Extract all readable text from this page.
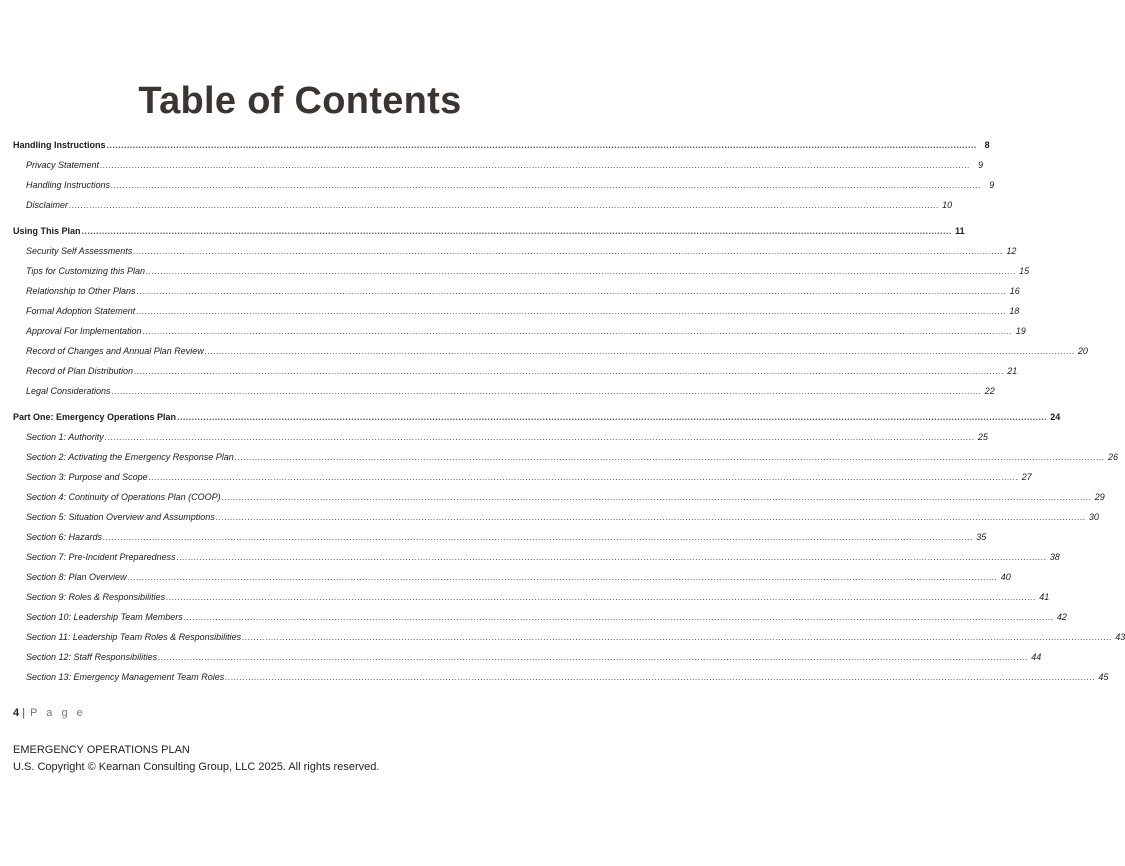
Table of Contents
Handling Instructions ............................................................................................................................................................................................................................................................................................................ 8
Privacy Statement ............................................................................................................................................................................................................................................................................................................ 9
Handling Instructions ............................................................................................................................................................................................................................................................................................................ 9
Disclaimer ............................................................................................................................................................................................................................................................................................................ 10
Using This Plan ............................................................................................................................................................................................................................................................................................................ 11
Security Self Assessments ............................................................................................................................................................................................................................................................................................................ 12
Tips for Customizing this Plan ............................................................................................................................................................................................................................................................................................................ 15
Relationship to Other Plans ............................................................................................................................................................................................................................................................................................................ 16
Formal Adoption Statement ............................................................................................................................................................................................................................................................................................................ 18
Approval For Implementation ............................................................................................................................................................................................................................................................................................................ 19
Record of Changes and Annual Plan Review ............................................................................................................................................................................................................................................................................................................ 20
Record of Plan Distribution ............................................................................................................................................................................................................................................................................................................ 21
Legal Considerations ............................................................................................................................................................................................................................................................................................................ 22
Part One: Emergency Operations Plan ............................................................................................................................................................................................................................................................................................................ 24
Section 1: Authority ............................................................................................................................................................................................................................................................................................................ 25
Section 2: Activating the Emergency Response Plan ............................................................................................................................................................................................................................................................................................................ 26
Section 3: Purpose and Scope ............................................................................................................................................................................................................................................................................................................ 27
Section 4: Continuity of Operations Plan (COOP) ............................................................................................................................................................................................................................................................................................................ 29
Section 5: Situation Overview and Assumptions ............................................................................................................................................................................................................................................................................................................ 30
Section 6: Hazards ............................................................................................................................................................................................................................................................................................................ 35
Section 7: Pre-Incident Preparedness ............................................................................................................................................................................................................................................................................................................ 38
Section 8: Plan Overview ............................................................................................................................................................................................................................................................................................................ 40
Section 9: Roles & Responsibilities ............................................................................................................................................................................................................................................................................................................ 41
Section 10: Leadership Team Members ............................................................................................................................................................................................................................................................................................................ 42
Section 11: Leadership Team Roles & Responsibilities ............................................................................................................................................................................................................................................................................................................ 43
Section 12: Staff Responsibilities ............................................................................................................................................................................................................................................................................................................ 44
Section 13: Emergency Management Team Roles ............................................................................................................................................................................................................................................................................................................ 45
4 | P a g e
EMERGENCY OPERATIONS PLAN
U.S. Copyright © Kearnan Consulting Group, LLC 2025. All rights reserved.
